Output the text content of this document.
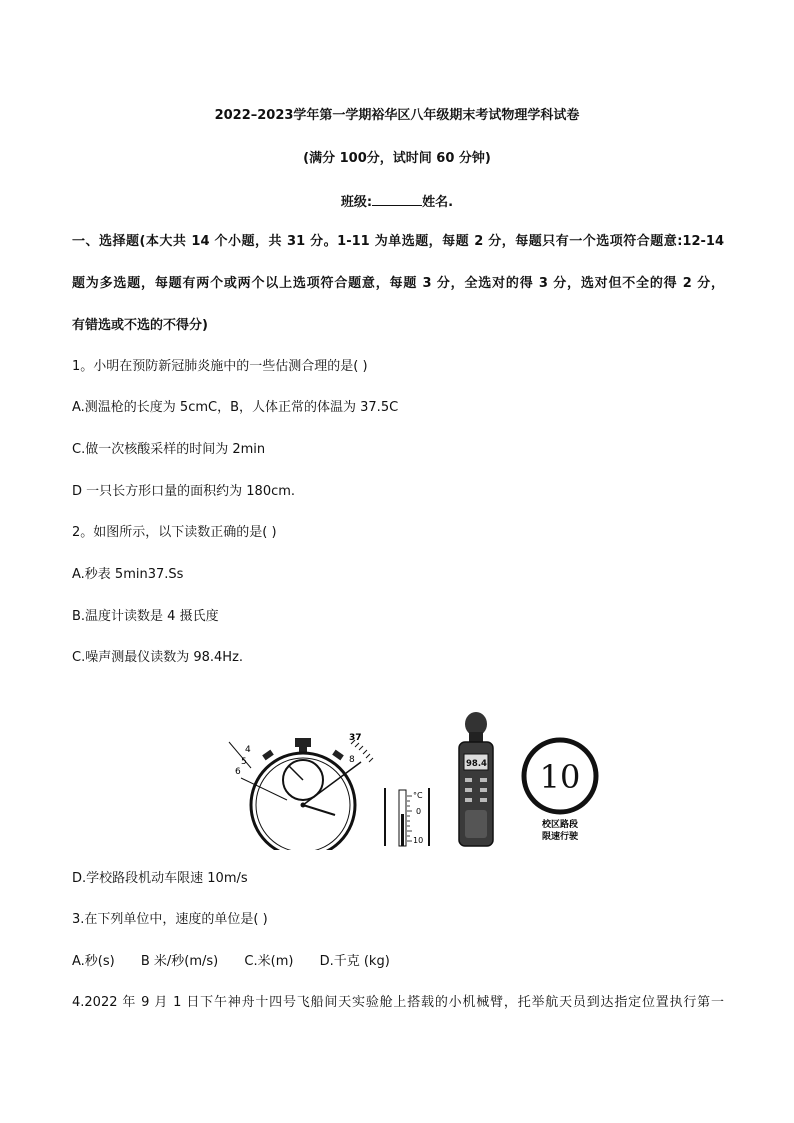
2022–2023学年第一学期裕华区八年级期末考试物理学科试卷
(满分 100分，试时间 60 分钟)
班级:	姓名.
一、选择题(本大共 14 个小题，共 31 分。1-11 为单选题，每题 2 分，每题只有一个选项符合题意:12-14
题为多选题，每题有两个或两个以上选项符合题意，每题 3 分，全选对的得 3 分，选对但不全的得 2 分，
有错选或不选的不得分)
1。小明在预防新冠肺炎施中的一些估测合理的是( )
A.测温枪的长度为 5cmC，B，人体正常的体温为 37.5C
C.做一次核酸采样的时间为 2min
D 一只长方形口量的面积约为 180cm.
2。如图所示，以下读数正确的是( )
A.秒表 5min37.Ss
B.温度计读数是 4 摄氏度
C.噪声测最仪读数为 98.4Hz.
4
5
6
37
8
°C
0
10
98.4 10
校区路段
限速行驶
D.学校路段机动车限速 10m/s
3.在下列单位中，速度的单位是( )
A.秒(s) B 米/秒(m/s) C.米(m) D.千克 (kg)
4.2022 年 9 月 1 日下午神舟十四号飞船间天实验舱上搭载的小机械臂，托举航天员到达指定位置执行第一
